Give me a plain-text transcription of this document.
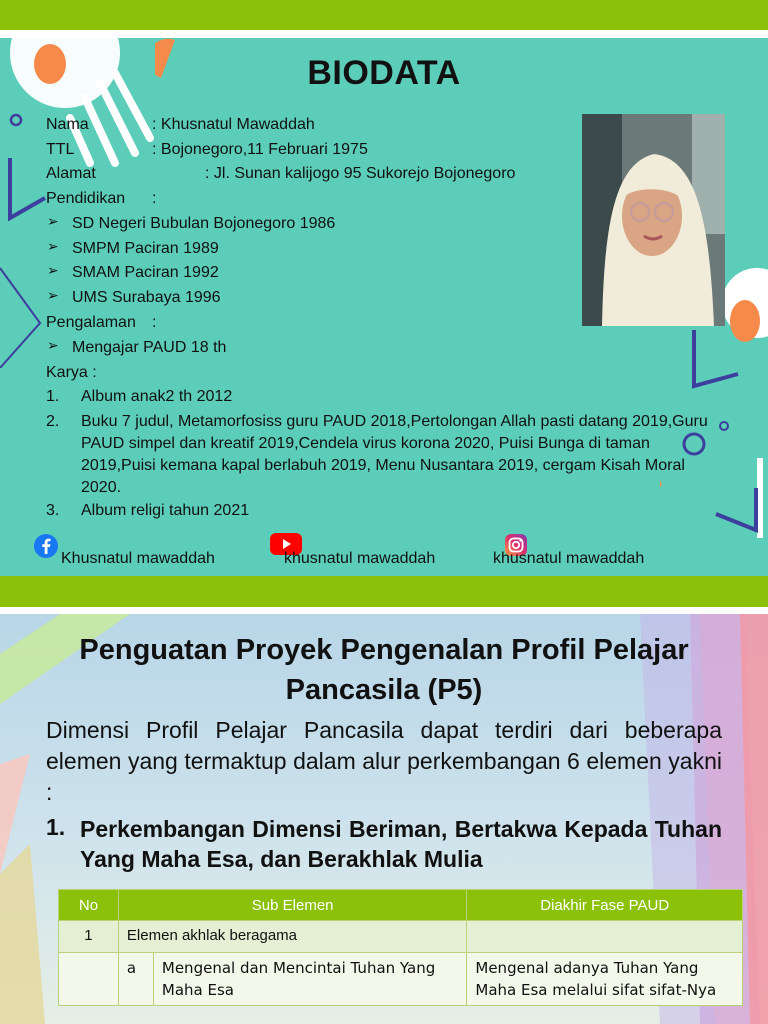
BIODATA
Nama	: Khusnatul Mawaddah
TTL	: Bojonegoro,11 Februari 1975
Alamat	: Jl. Sunan kalijogo 95 Sukorejo Bojonegoro
Pendidikan :
➢ SD Negeri Bubulan Bojonegoro 1986
➢ SMPM Paciran 1989
➢ SMAM Paciran 1992
➢ UMS Surabaya 1996
Pengalaman :
➢ Mengajar PAUD 18 th
Karya :
1. Album anak2 th 2012
2. Buku 7 judul, Metamorfosiss guru PAUD 2018,Pertolongan Allah pasti datang 2019,Guru PAUD simpel dan kreatif 2019,Cendela virus korona 2020, Puisi Bunga di taman 2019,Puisi kemana kapal berlabuh 2019, Menu Nusantara 2019, cergam Kisah Moral 2020.
3. Album religi tahun 2021
Khusnatul mawaddah	khusnatul mawaddah	khusnatul mawaddah
Penguatan Proyek Pengenalan Profil Pelajar Pancasila (P5)
Dimensi Profil Pelajar Pancasila dapat terdiri dari beberapa elemen yang termaktup dalam alur perkembangan 6 elemen yakni :
1. Perkembangan Dimensi Beriman, Bertakwa Kepada Tuhan Yang Maha Esa, dan Berakhlak Mulia
No	Sub Elemen		Diakhir Fase PAUD
1	Elemen akhlak beragama		
	a	Mengenal dan Mencintai Tuhan Yang Maha Esa	Mengenal adanya Tuhan Yang Maha Esa melalui sifat sifat-Nya
